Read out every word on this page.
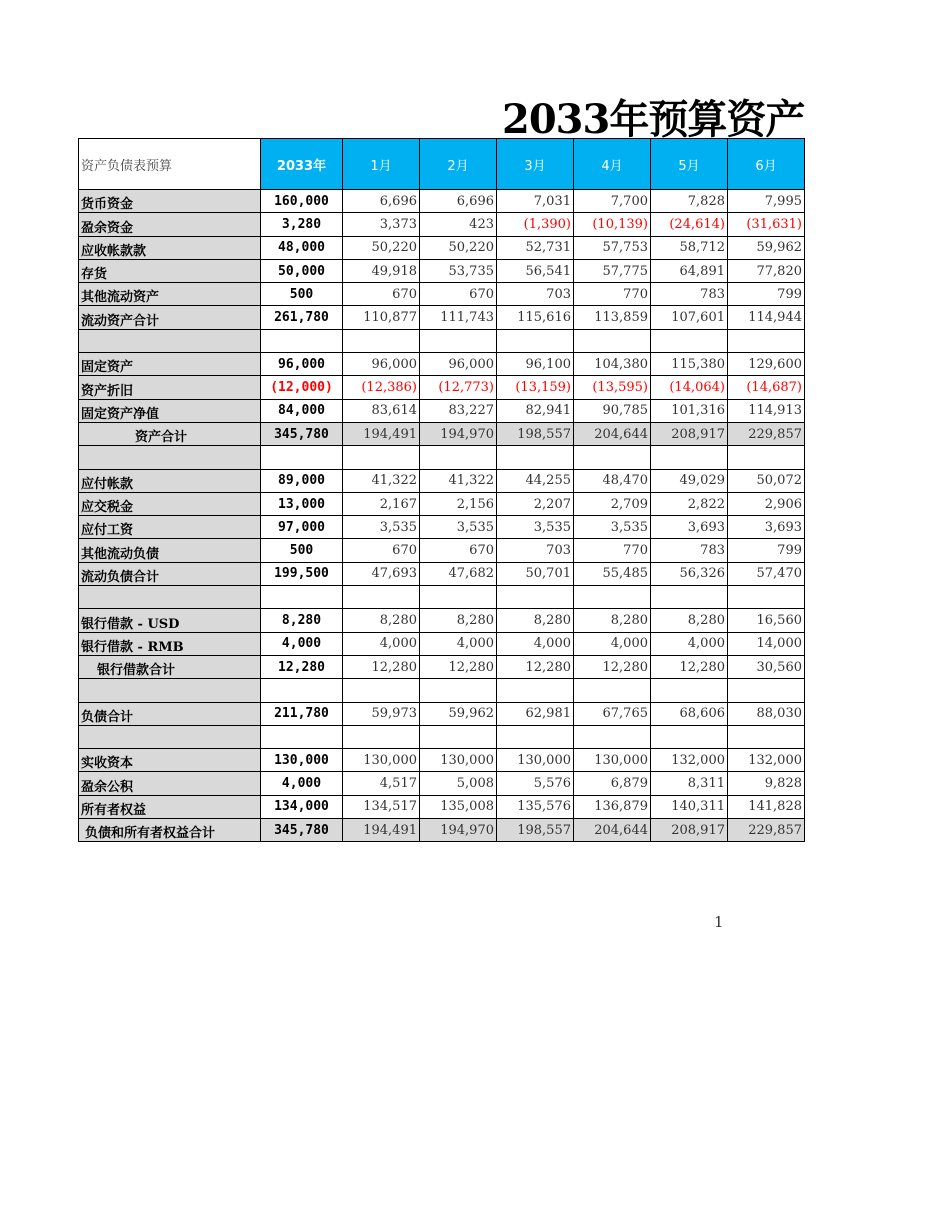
2033年预算资产
资产负债表预算	2033年	1月	2月	3月	4月	5月	6月
货币资金	160,000	6,696	6,696	7,031	7,700	7,828	7,995
盈余资金	3,280	3,373	423	(1,390)	(10,139)	(24,614)	(31,631)
应收帐款款	48,000	50,220	50,220	52,731	57,753	58,712	59,962
存货	50,000	49,918	53,735	56,541	57,775	64,891	77,820
其他流动资产	500	670	670	703	770	783	799
流动资产合计	261,780	110,877	111,743	115,616	113,859	107,601	114,944

固定资产	96,000	96,000	96,000	96,100	104,380	115,380	129,600
资产折旧	(12,000)	(12,386)	(12,773)	(13,159)	(13,595)	(14,064)	(14,687)
固定资产净值	84,000	83,614	83,227	82,941	90,785	101,316	114,913
资产合计	345,780	194,491	194,970	198,557	204,644	208,917	229,857

应付帐款	89,000	41,322	41,322	44,255	48,470	49,029	50,072
应交税金	13,000	2,167	2,156	2,207	2,709	2,822	2,906
应付工资	97,000	3,535	3,535	3,535	3,535	3,693	3,693
其他流动负债	500	670	670	703	770	783	799
流动负债合计	199,500	47,693	47,682	50,701	55,485	56,326	57,470

银行借款 - USD	8,280	8,280	8,280	8,280	8,280	8,280	16,560
银行借款 - RMB	4,000	4,000	4,000	4,000	4,000	4,000	14,000
银行借款合计	12,280	12,280	12,280	12,280	12,280	12,280	30,560

负债合计	211,780	59,973	59,962	62,981	67,765	68,606	88,030

实收资本	130,000	130,000	130,000	130,000	130,000	132,000	132,000
盈余公积	4,000	4,517	5,008	5,576	6,879	8,311	9,828
所有者权益	134,000	134,517	135,008	135,576	136,879	140,311	141,828
负债和所有者权益合计	345,780	194,491	194,970	198,557	204,644	208,917	229,857
1
